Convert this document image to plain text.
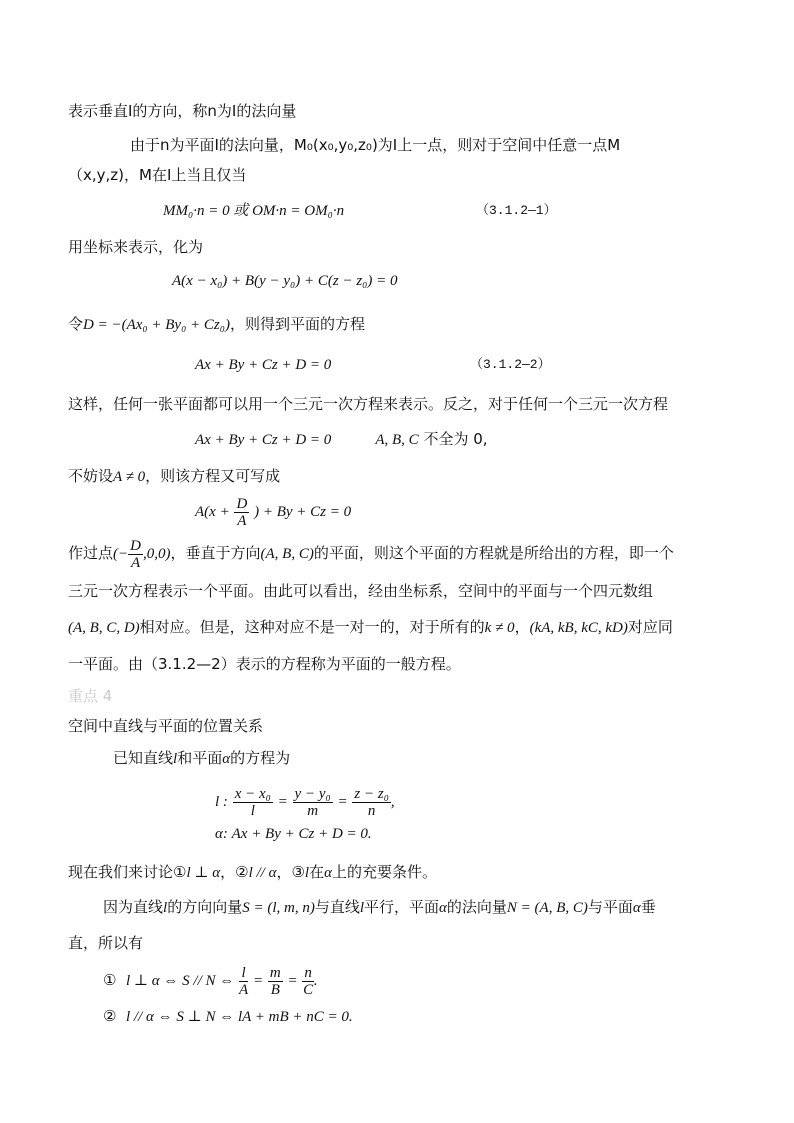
表示垂直Ⅰ的方向，称n为Ⅰ的法向量
由于n为平面Ⅰ的法向量，M₀(x₀,y₀,z₀)为Ⅰ上一点，则对于空间中任意一点M
（x,y,z)，M在Ⅰ上当且仅当
MM₀·n = 0 或 OM·n = OM₀·n	（3.1.2—1）
用坐标来表示，化为
A(x − x₀) + B(y − y₀) + C(z − z₀) = 0
令D = −(Ax₀ + By₀ + Cz₀)，则得到平面的方程
Ax + By + Cz + D = 0	（3.1.2—2）
这样，任何一张平面都可以用一个三元一次方程来表示。反之，对于任何一个三元一次方程
Ax + By + Cz + D = 0	A, B, C 不全为 0,
不妨设A ≠ 0，则该方程又可写成
$A(x + \frac{D}{A}$ ) + By + Cz = 0
作过点(− $\frac{D}{A} ,0,0$)，垂直于方向(A, B, C)的平面，则这个平面的方程就是所给出的方程，即一个
三元一次方程表示一个平面。由此可以看出，经由坐标系，空间中的平面与一个四元数组
(A, B, C, D)相对应。但是，这种对应不是一对一的，对于所有的k ≠ 0，(kA, kB, kC, kD)对应同
一平面。由（3.1.2—2）表示的方程称为平面的一般方程。
重点 4
空间中直线与平面的位置关系
已知直线l和平面α的方程为
l : $\frac{\text{x − x₀}}{l} = \frac{\text{y − y₀}}{m} = \frac{\text{z − z₀}}{n}$ ,
α: Ax + By + Cz + D = 0.
现在我们来讨论①l ⊥ α，②l // α，③l在α上的充要条件。
因为直线l的方向向量S = (l, m, n)与直线l平行，平面α的法向量N = (A, B, C)与平面α垂
直，所以有
① l ⊥ α ⇔ S // N ⇔ $\frac{l}{A} = \frac{m}{B} = \frac{n}{C}$ .
② l // α ⇔ S ⊥ N ⇔ lA + mB + nC = 0.
